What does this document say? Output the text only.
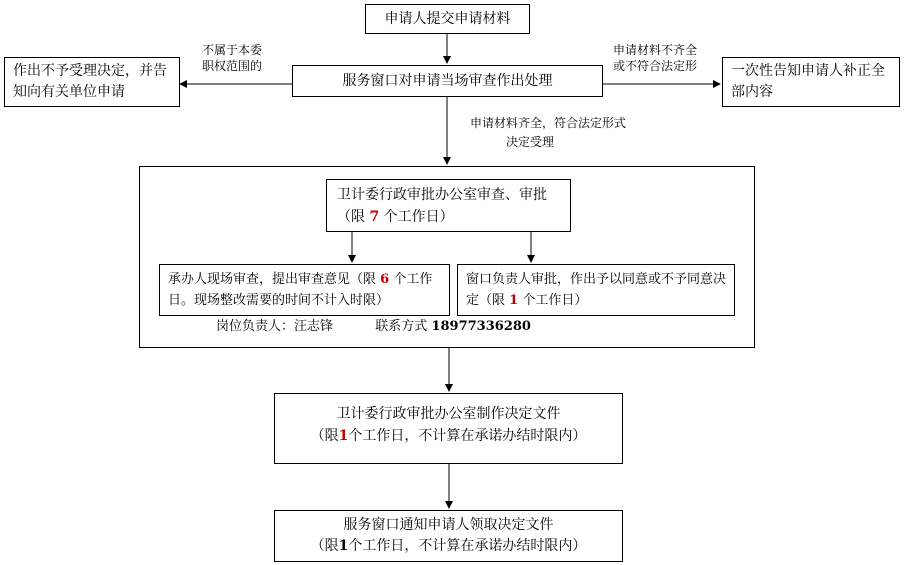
申请人提交申请材料
服务窗口对申请当场审查作出处理
作出不予受理决定，并告知向有关单位申请
一次性告知申请人补正全部内容
不属于本委
职权范围的
申请材料不齐全
或不符合法定形
申请材料齐全，符合法定形式
决定受理
卫计委行政审批办公室审查、审批（限 7 个工作日）
承办人现场审查，提出审查意见（限 6 个工作日。现场整改需要的时间不计入时限）
窗口负责人审批，作出予以同意或不予同意决定（限 1 个工作日）
岗位负责人：汪志锋	联系方式 18977336280
卫计委行政审批办公室制作决定文件
（限1个工作日，不计算在承诺办结时限内）
服务窗口通知申请人领取决定文件
（限1个工作日，不计算在承诺办结时限内）
